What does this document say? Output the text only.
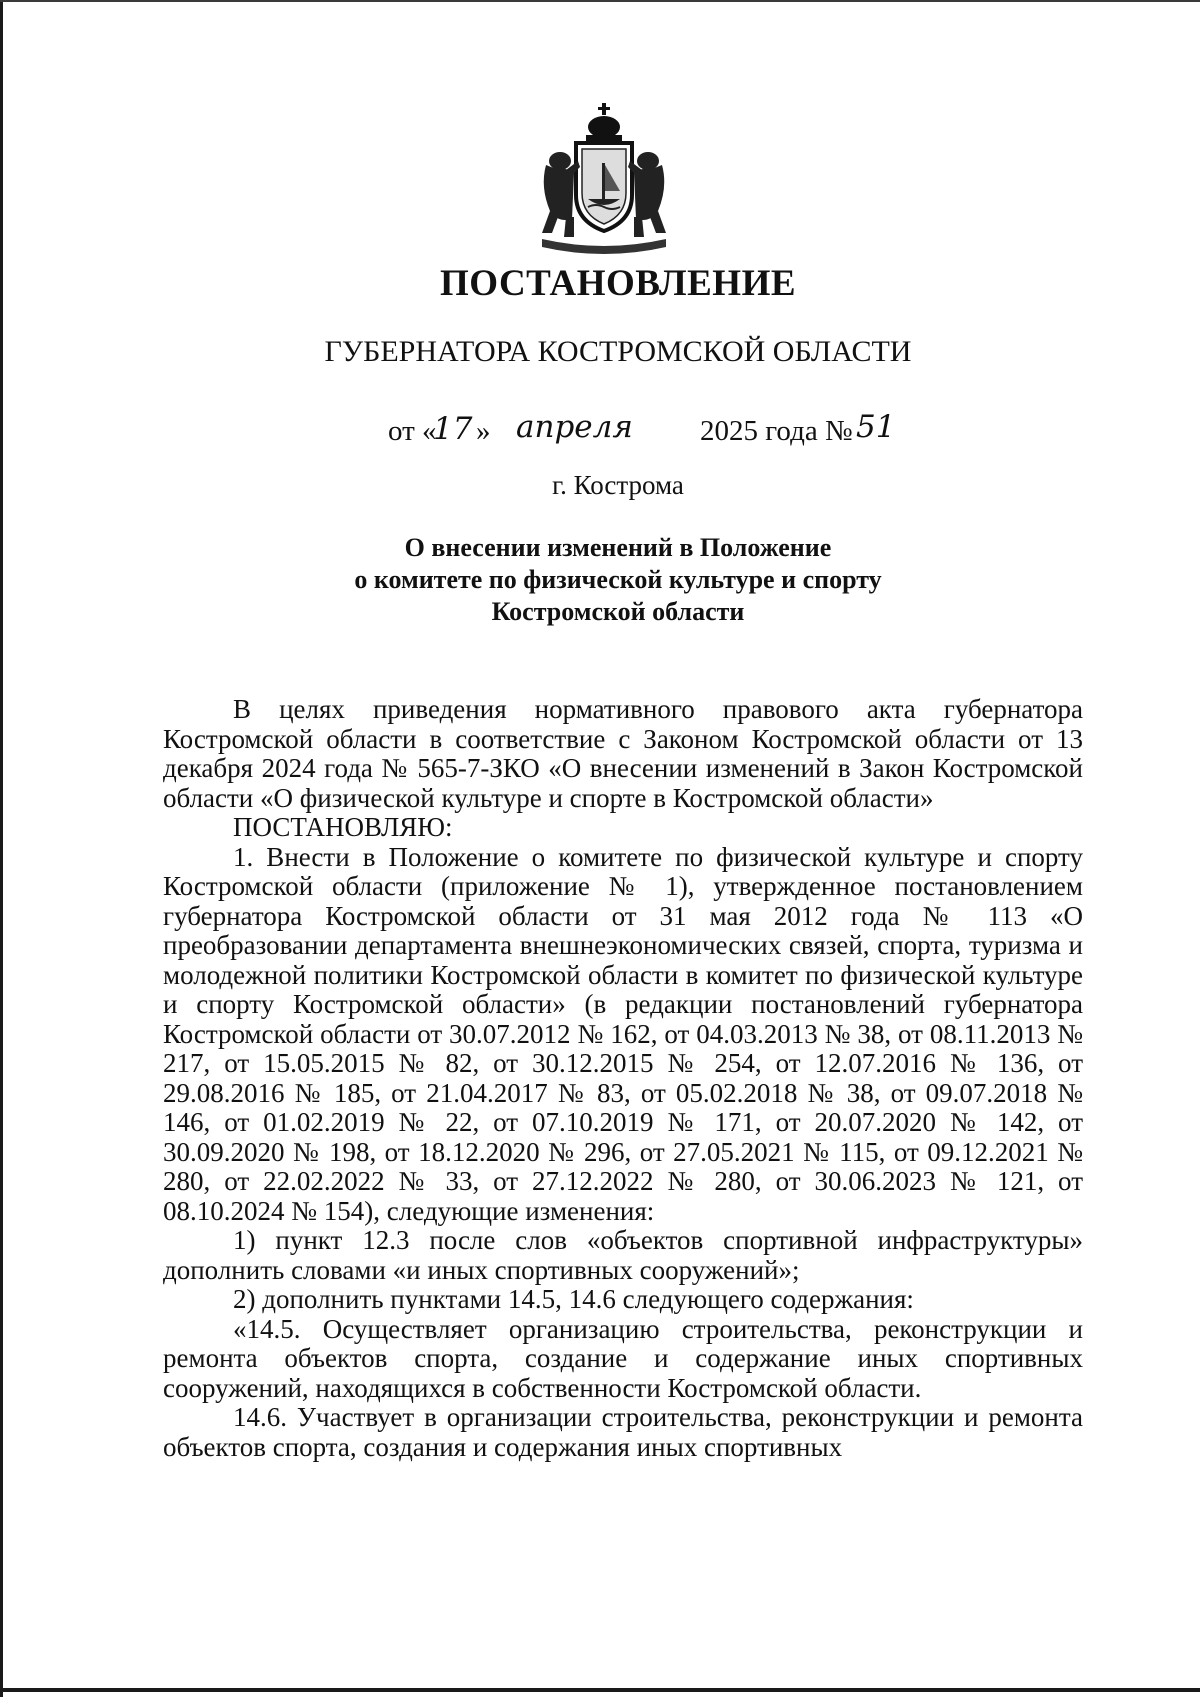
ПОСТАНОВЛЕНИЕ
ГУБЕРНАТОРА КОСТРОМСКОЙ ОБЛАСТИ
от «
17 » апреля 2025 года № 51
г. Кострома
О внесении изменений в Положение
о комитете по физической культуре и спорту
Костромской области

В целях приведения нормативного правового акта губернатора Костромской области в соответствие с Законом Костромской области от 13 декабря 2024 года № 565-7-ЗКО «О внесении изменений в Закон Костромской области «О физической культуре и спорте в Костромской области»

ПОСТАНОВЛЯЮ:

1. Внести в Положение о комитете по физической культуре и спорту Костромской области (приложение № 1), утвержденное постановлением губернатора Костромской области от 31 мая 2012 года № 113 «О преобразовании департамента внешнеэкономических связей, спорта, туризма и молодежной политики Костромской области в комитет по физической культуре и спорту Костромской области» (в редакции постановлений губернатора Костромской области от 30.07.2012 № 162, от 04.03.2013 № 38, от 08.11.2013 № 217, от 15.05.2015 № 82, от 30.12.2015 № 254, от 12.07.2016 № 136, от 29.08.2016 № 185, от 21.04.2017 № 83, от 05.02.2018 № 38, от 09.07.2018 № 146, от 01.02.2019 № 22, от 07.10.2019 № 171, от 20.07.2020 № 142, от 30.09.2020 № 198, от 18.12.2020 № 296, от 27.05.2021 № 115, от 09.12.2021 № 280, от 22.02.2022 № 33, от 27.12.2022 № 280, от 30.06.2023 № 121, от 08.10.2024 № 154), следующие изменения:

1) пункт 12.3 после слов «объектов спортивной инфраструктуры» дополнить словами «и иных спортивных сооружений»;

2) дополнить пунктами 14.5, 14.6 следующего содержания:

«14.5. Осуществляет организацию строительства, реконструкции и ремонта объектов спорта, создание и содержание иных спортивных сооружений, находящихся в собственности Костромской области.

14.6. Участвует в организации строительства, реконструкции и ремонта объектов спорта, создания и содержания иных спортивных
